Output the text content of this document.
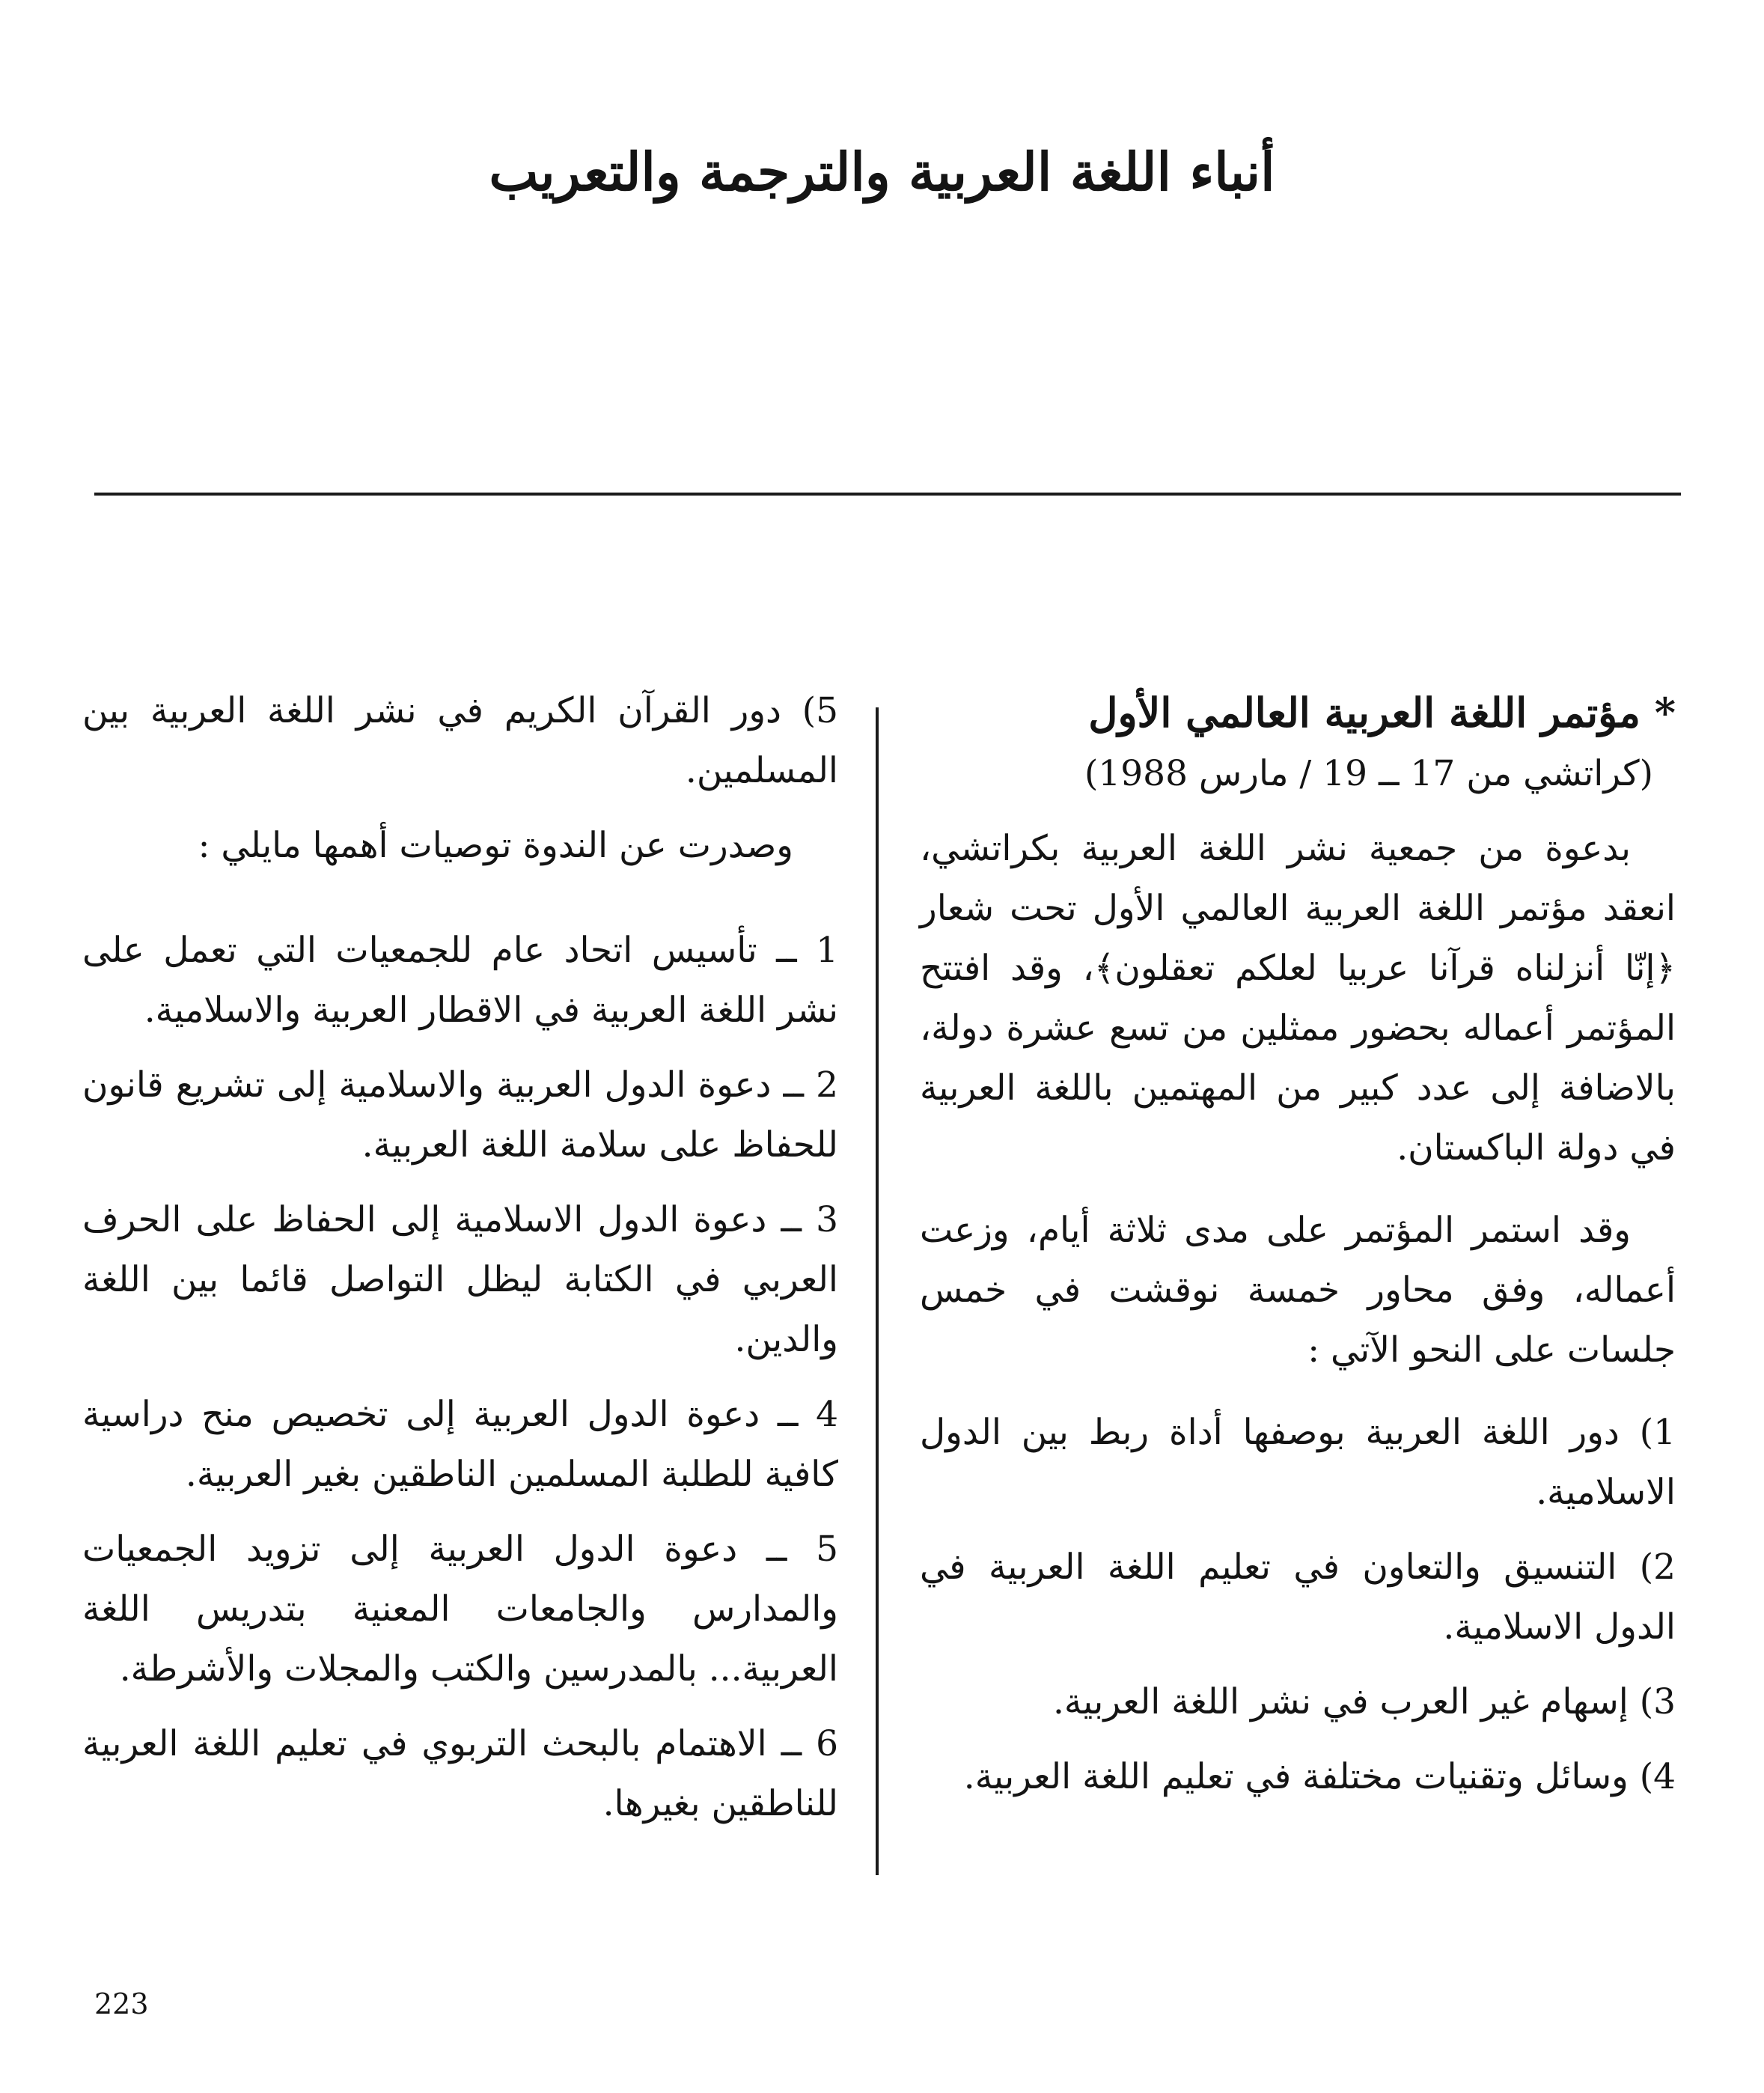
أنباء اللغة العربية والترجمة والتعريب
* مؤتمر اللغة العربية العالمي الأول

(كراتشي من 17 ــ 19 / مارس 1988)

بدعوة من جمعية نشر اللغة العربية بكراتشي، انعقد مؤتمر اللغة العربية العالمي الأول تحت شعار ﴿إنّا أنزلناه قرآنا عربيا لعلكم تعقلون﴾، وقد افتتح المؤتمر أعماله بحضور ممثلين من تسع عشرة دولة، بالاضافة إلى عدد كبير من المهتمين باللغة العربية في دولة الباكستان.

وقد استمر المؤتمر على مدى ثلاثة أيام، وزعت أعماله، وفق محاور خمسة نوقشت في خمس جلسات على النحو الآتي :

1) دور اللغة العربية بوصفها أداة ربط بين الدول الاسلامية.

2) التنسيق والتعاون في تعليم اللغة العربية في الدول الاسلامية.

3) إسهام غير العرب في نشر اللغة العربية.

4) وسائل وتقنيات مختلفة في تعليم اللغة العربية.

5) دور القرآن الكريم في نشر اللغة العربية بين المسلمين.

وصدرت عن الندوة توصيات أهمها مايلي :

1 ــ تأسيس اتحاد عام للجمعيات التي تعمل على نشر اللغة العربية في الاقطار العربية والاسلامية.

2 ــ دعوة الدول العربية والاسلامية إلى تشريع قانون للحفاظ على سلامة اللغة العربية.

3 ــ دعوة الدول الاسلامية إلى الحفاظ على الحرف العربي في الكتابة ليظل التواصل قائما بين اللغة والدين.

4 ــ دعوة الدول العربية إلى تخصيص منح دراسية كافية للطلبة المسلمين الناطقين بغير العربية.

5 ــ دعوة الدول العربية إلى تزويد الجمعيات والمدارس والجامعات المعنية بتدريس اللغة العربية... بالمدرسين والكتب والمجلات والأشرطة.

6 ــ الاهتمام بالبحث التربوي في تعليم اللغة العربية للناطقين بغيرها.

223
